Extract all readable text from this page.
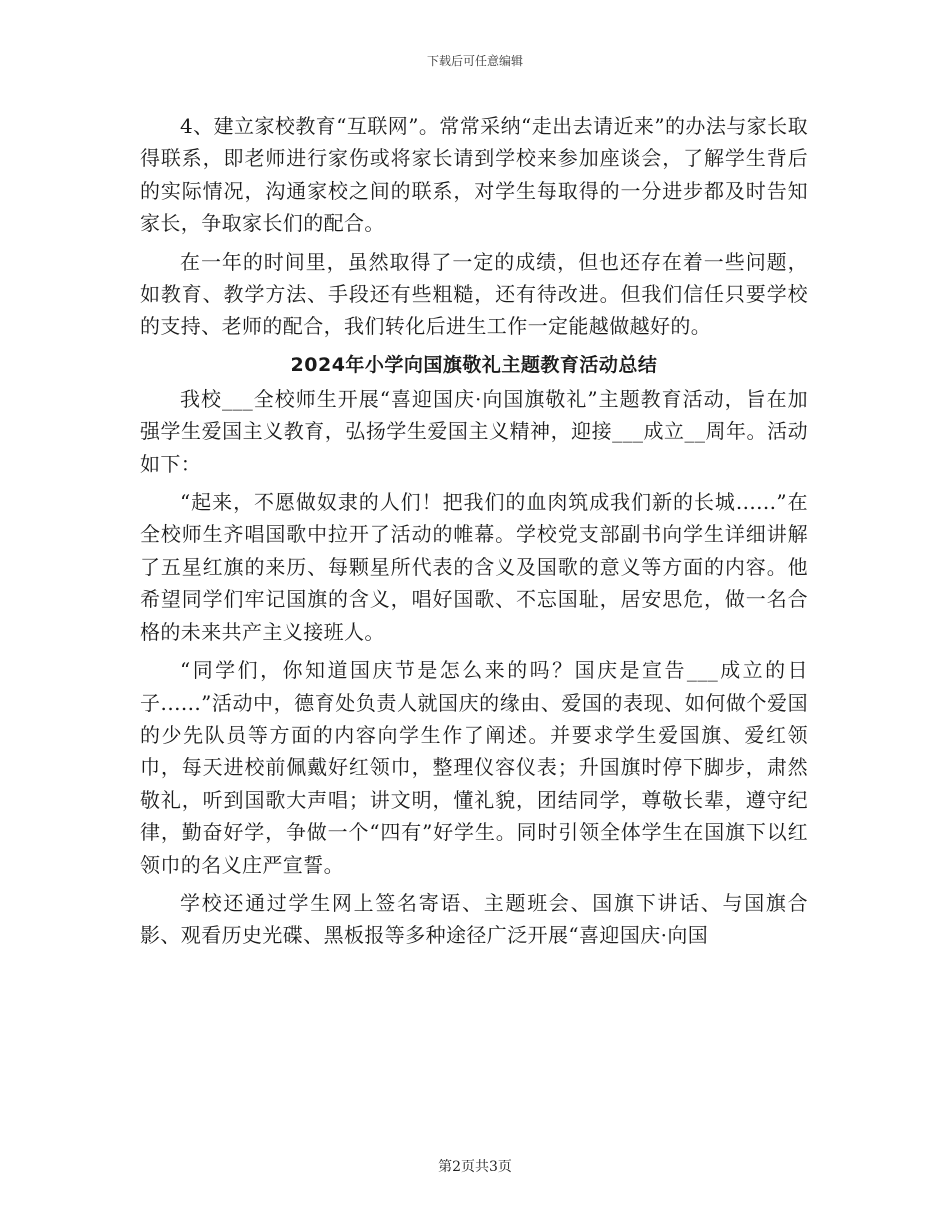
下载后可任意编辑

4、建立家校教育“互联网”。常常采纳“走出去请近来”的办法与家长取得联系，即老师进行家伤或将家长请到学校来参加座谈会，了解学生背后的实际情况，沟通家校之间的联系，对学生每取得的一分进步都及时告知家长，争取家长们的配合。

在一年的时间里，虽然取得了一定的成绩，但也还存在着一些问题，如教育、教学方法、手段还有些粗糙，还有待改进。但我们信任只要学校的支持、老师的配合，我们转化后进生工作一定能越做越好的。

2024年小学向国旗敬礼主题教育活动总结

我校___全校师生开展“喜迎国庆·向国旗敬礼”主题教育活动，旨在加强学生爱国主义教育，弘扬学生爱国主义精神，迎接___成立__周年。活动如下：

“起来，不愿做奴隶的人们！把我们的血肉筑成我们新的长城......”在全校师生齐唱国歌中拉开了活动的帷幕。学校党支部副书向学生详细讲解了五星红旗的来历、每颗星所代表的含义及国歌的意义等方面的内容。他希望同学们牢记国旗的含义，唱好国歌、不忘国耻，居安思危，做一名合格的未来共产主义接班人。

“同学们，你知道国庆节是怎么来的吗？国庆是宣告___成立的日子......”活动中，德育处负责人就国庆的缘由、爱国的表现、如何做个爱国的少先队员等方面的内容向学生作了阐述。并要求学生爱国旗、爱红领巾，每天进校前佩戴好红领巾，整理仪容仪表；升国旗时停下脚步，肃然敬礼，听到国歌大声唱；讲文明，懂礼貌，团结同学，尊敬长辈，遵守纪律，勤奋好学，争做一个“四有”好学生。同时引领全体学生在国旗下以红领巾的名义庄严宣誓。

学校还通过学生网上签名寄语、主题班会、国旗下讲话、与国旗合影、观看历史光碟、黑板报等多种途径广泛开展“喜迎国庆·向国

第2页共3页
